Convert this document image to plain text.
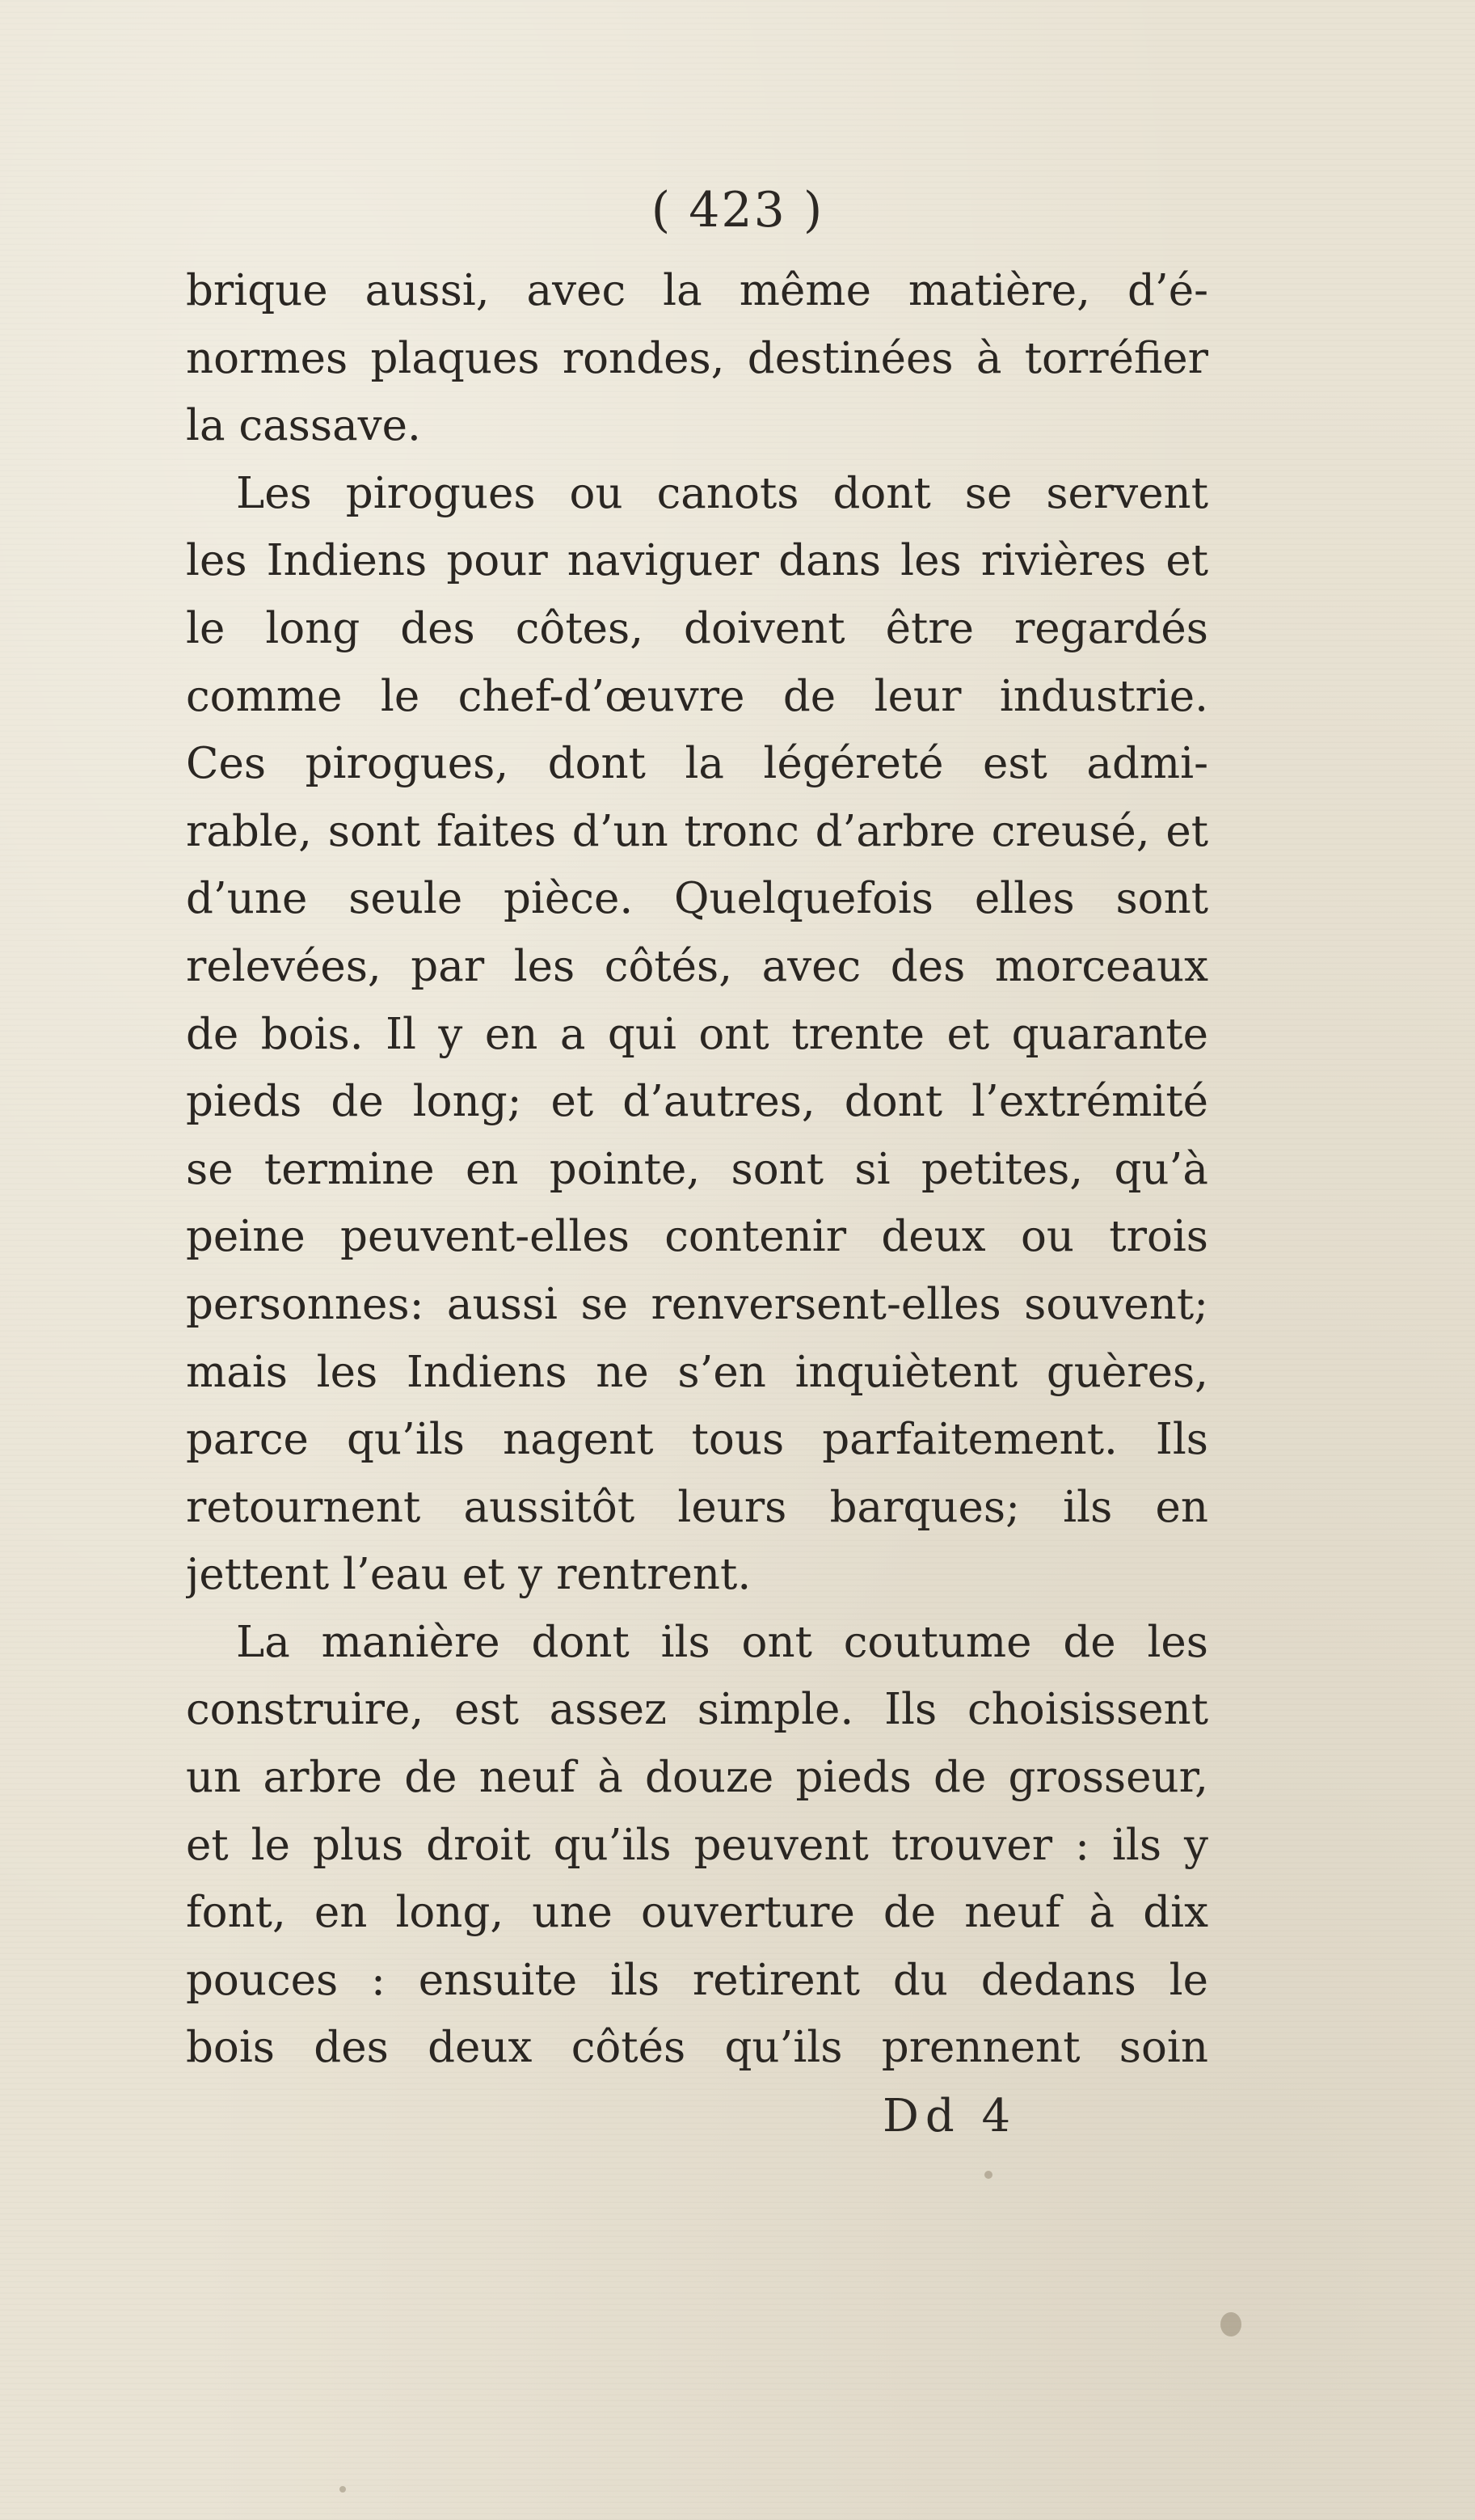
( 423 )
brique aussi, avec la même matière, d’é-
normes plaques rondes, destinées à torréfier
la cassave.
Les pirogues ou canots dont se servent
les Indiens pour naviguer dans les rivières et
le long des côtes, doivent être regardés
comme le chef-d’œuvre de leur industrie.
Ces pirogues, dont la légéreté est admi-
rable, sont faites d’un tronc d’arbre creusé, et
d’une seule pièce. Quelquefois elles sont
relevées, par les côtés, avec des morceaux
de bois. Il y en a qui ont trente et quarante
pieds de long; et d’autres, dont l’extrémité
se termine en pointe, sont si petites, qu’à
peine peuvent-elles contenir deux ou trois
personnes: aussi se renversent-elles souvent;
mais les Indiens ne s’en inquiètent guères,
parce qu’ils nagent tous parfaitement. Ils
retournent aussitôt leurs barques; ils en
jettent l’eau et y rentrent.
La manière dont ils ont coutume de les
construire, est assez simple. Ils choisissent
un arbre de neuf à douze pieds de grosseur,
et le plus droit qu’ils peuvent trouver : ils y
font, en long, une ouverture de neuf à dix
pouces : ensuite ils retirent du dedans le
bois des deux côtés qu’ils prennent soin
Dd 4
